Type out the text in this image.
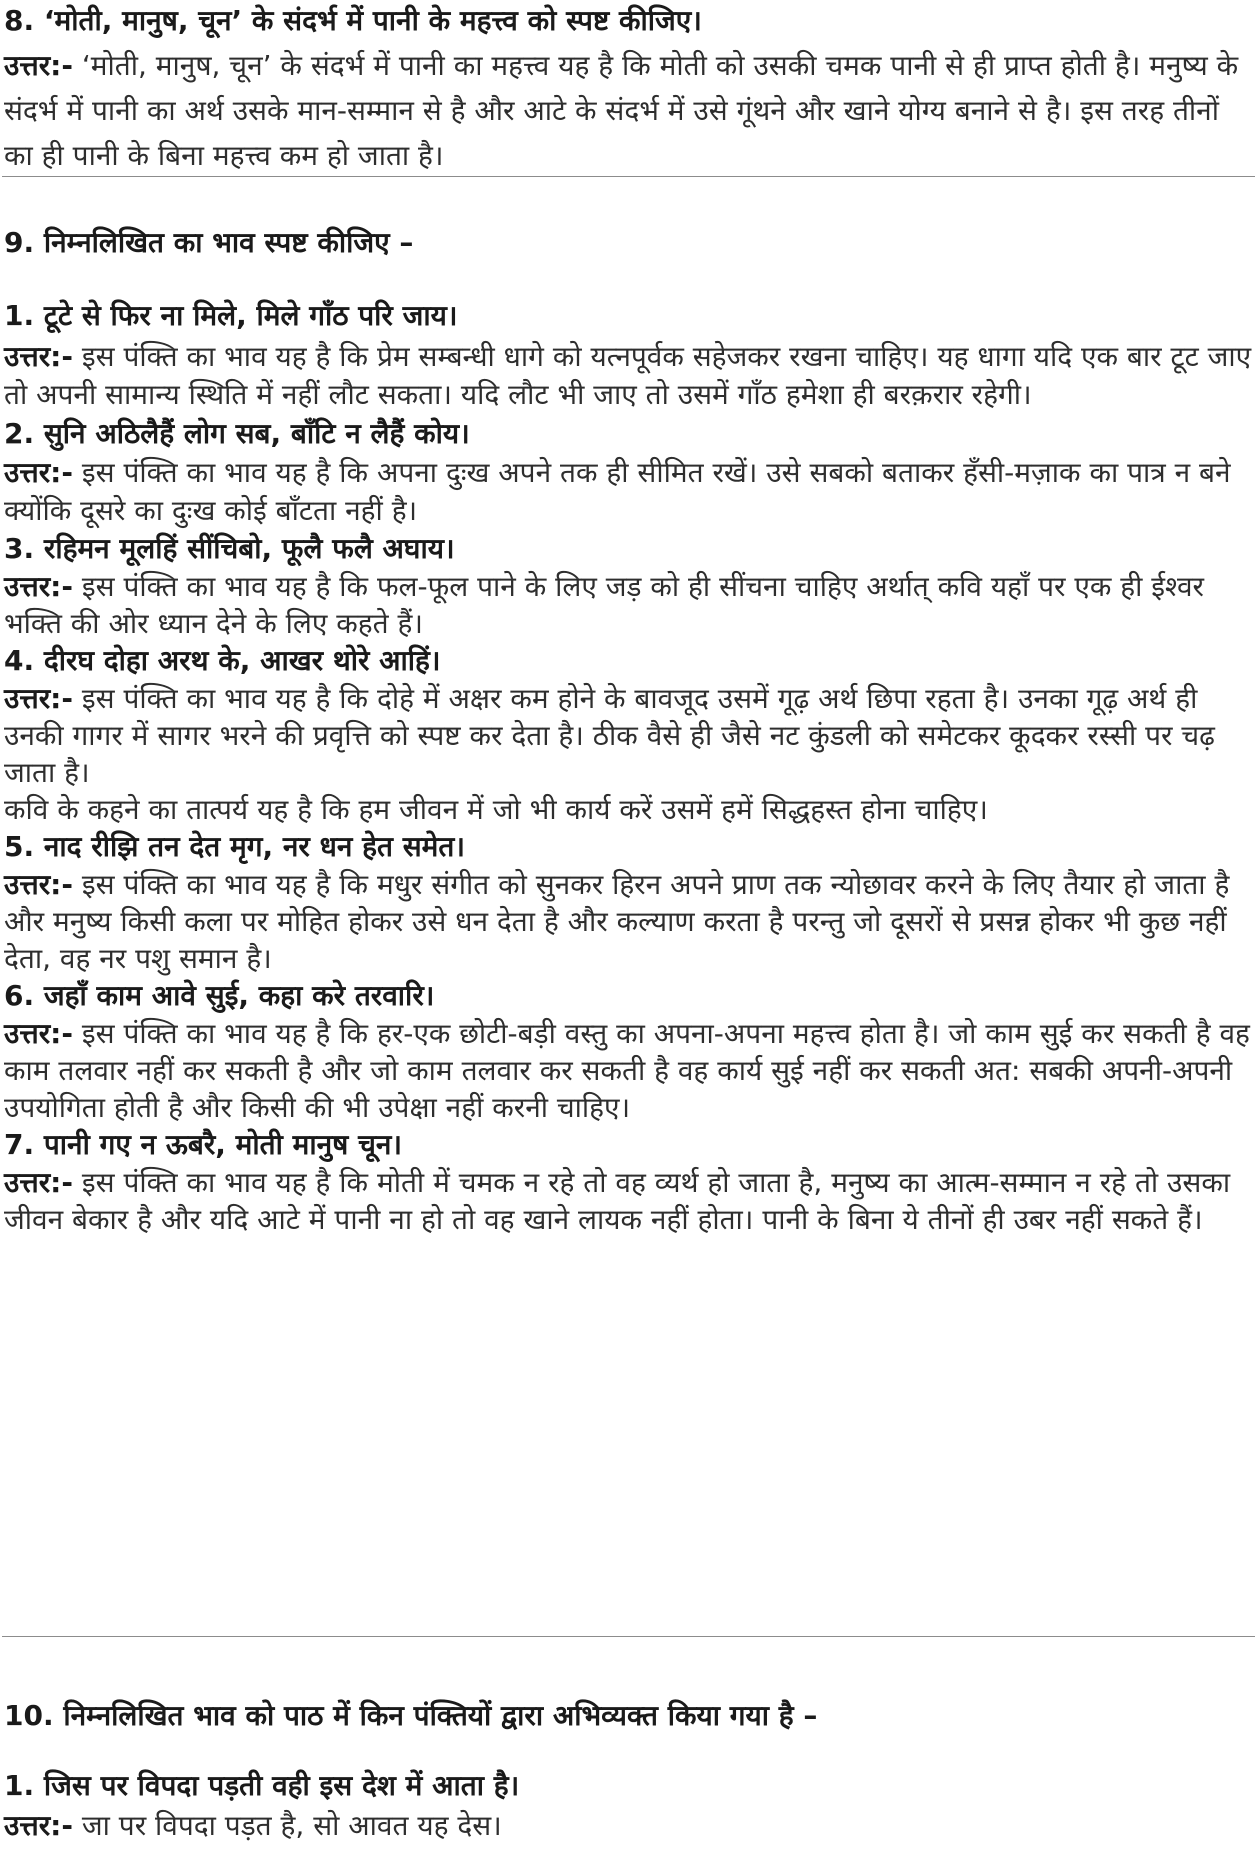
8. ‘मोती, मानुष, चून’ के संदर्भ में पानी के महत्त्व को स्पष्ट कीजिए।

उत्तर:- ‘मोती, मानुष, चून’ के संदर्भ में पानी का महत्त्व यह है कि मोती को उसकी चमक पानी से ही प्राप्त होती है। मनुष्य के संदर्भ में पानी का अर्थ उसके मान-सम्मान से है और आटे के संदर्भ में उसे गूंथने और खाने योग्य बनाने से है। इस तरह तीनों का ही पानी के बिना महत्त्व कम हो जाता है।

9. निम्नलिखित का भाव स्पष्ट कीजिए –

1. टूटे से फिर ना मिले, मिले गाँठ परि जाय।

उत्तर:- इस पंक्ति का भाव यह है कि प्रेम सम्बन्धी धागे को यत्नपूर्वक सहेजकर रखना चाहिए। यह धागा यदि एक बार टूट जाए तो अपनी सामान्य स्थिति में नहीं लौट सकता। यदि लौट भी जाए तो उसमें गाँठ हमेशा ही बरक़रार रहेगी।

2. सुनि अठिलैहैं लोग सब, बाँटि न लैहैं कोय।

उत्तर:- इस पंक्ति का भाव यह है कि अपना दुःख अपने तक ही सीमित रखें। उसे सबको बताकर हँसी-मज़ाक का पात्र न बने क्योंकि दूसरे का दुःख कोई बाँटता नहीं है।

3. रहिमन मूलहिं सींचिबो, फूलै फलै अघाय।

उत्तर:- इस पंक्ति का भाव यह है कि फल-फूल पाने के लिए जड़ को ही सींचना चाहिए अर्थात् कवि यहाँ पर एक ही ईश्वर भक्ति की ओर ध्यान देने के लिए कहते हैं।

4. दीरघ दोहा अरथ के, आखर थोरे आहिं।

उत्तर:- इस पंक्ति का भाव यह है कि दोहे में अक्षर कम होने के बावजूद उसमें गूढ़ अर्थ छिपा रहता है। उनका गूढ़ अर्थ ही उनकी गागर में सागर भरने की प्रवृत्ति को स्पष्ट कर देता है। ठीक वैसे ही जैसे नट कुंडली को समेटकर कूदकर रस्सी पर चढ़ जाता है।

कवि के कहने का तात्पर्य यह है कि हम जीवन में जो भी कार्य करें उसमें हमें सिद्धहस्त होना चाहिए।

5. नाद रीझि तन देत मृग, नर धन हेत समेत।

उत्तर:- इस पंक्ति का भाव यह है कि मधुर संगीत को सुनकर हिरन अपने प्राण तक न्योछावर करने के लिए तैयार हो जाता है और मनुष्य किसी कला पर मोहित होकर उसे धन देता है और कल्याण करता है परन्तु जो दूसरों से प्रसन्न होकर भी कुछ नहीं देता, वह नर पशु समान है।

6. जहाँ काम आवे सुई, कहा करे तरवारि।

उत्तर:- इस पंक्ति का भाव यह है कि हर-एक छोटी-बड़ी वस्तु का अपना-अपना महत्त्व होता है। जो काम सुई कर सकती है वह काम तलवार नहीं कर सकती है और जो काम तलवार कर सकती है वह कार्य सुई नहीं कर सकती अत: सबकी अपनी-अपनी उपयोगिता होती है और किसी की भी उपेक्षा नहीं करनी चाहिए।

7. पानी गए न ऊबरै, मोती मानुष चून।

उत्तर:- इस पंक्ति का भाव यह है कि मोती में चमक न रहे तो वह व्यर्थ हो जाता है, मनुष्य का आत्म-सम्मान न रहे तो उसका जीवन बेकार है और यदि आटे में पानी ना हो तो वह खाने लायक नहीं होता। पानी के बिना ये तीनों ही उबर नहीं सकते हैं।

10. निम्नलिखित भाव को पाठ में किन पंक्तियों द्वारा अभिव्यक्त किया गया है –

1. जिस पर विपदा पड़ती वही इस देश में आता है।

उत्तर:- जा पर विपदा पड़त है, सो आवत यह देस।
